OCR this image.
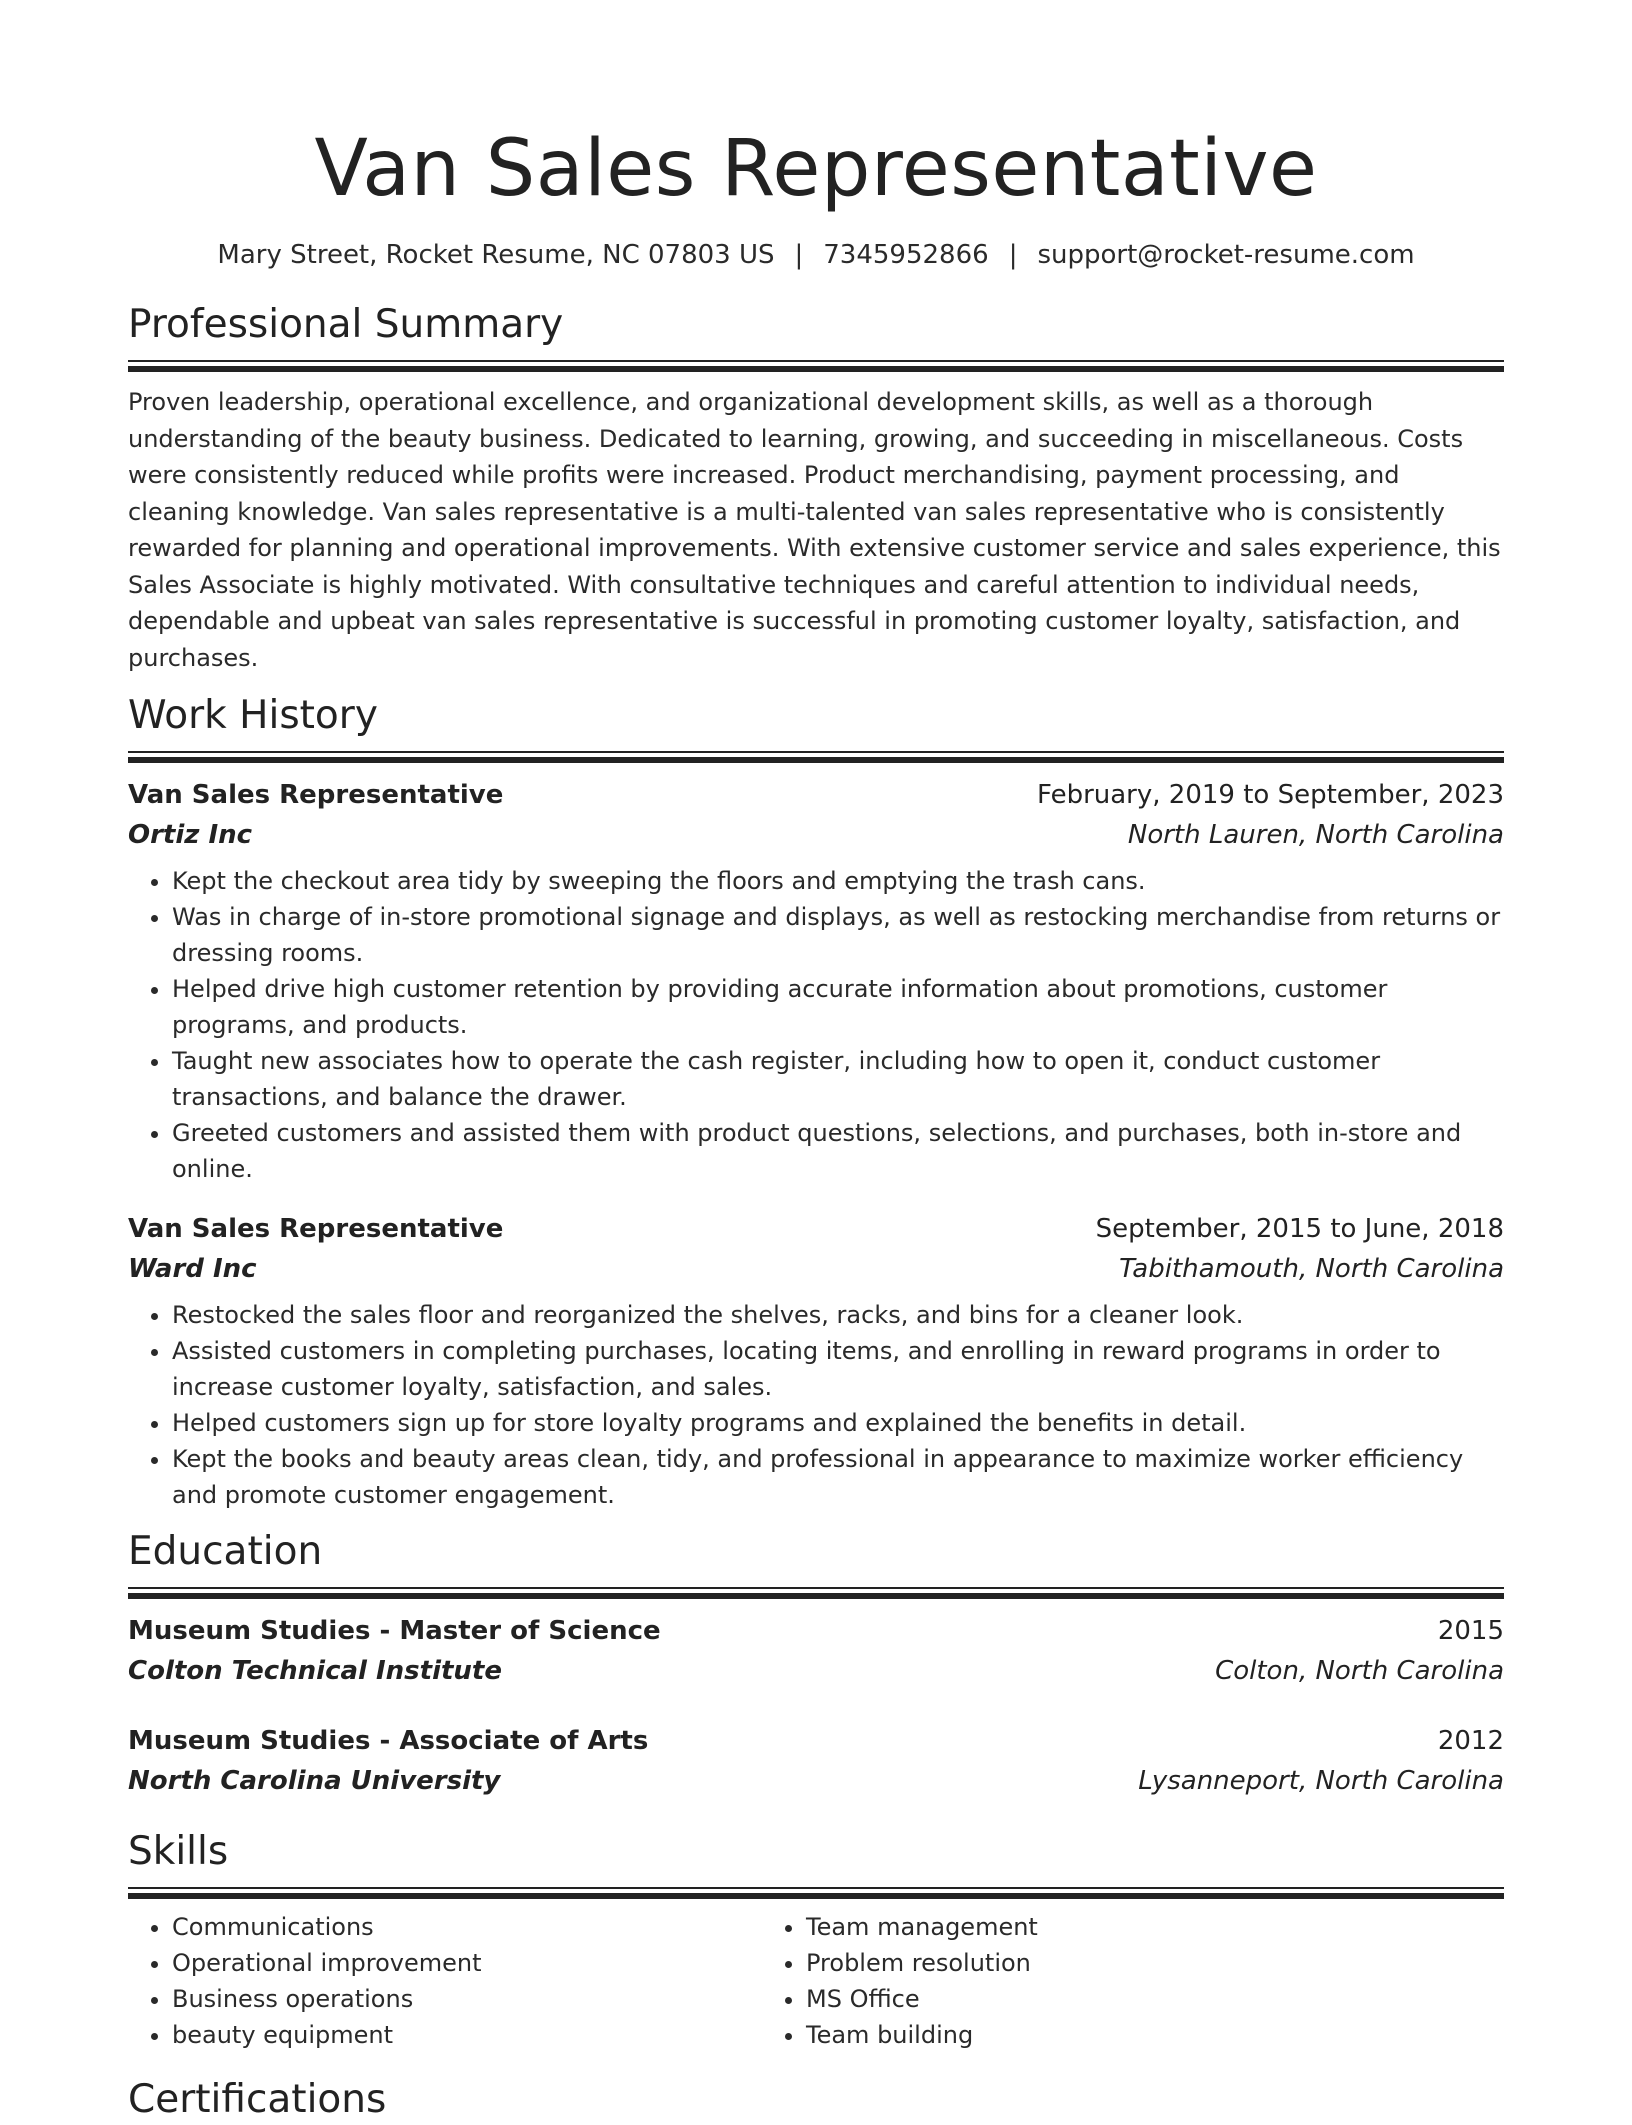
Van Sales Representative
Mary Street, Rocket Resume, NC 07803 US | 7345952866 | support@rocket-resume.com
Professional Summary
Proven leadership, operational excellence, and organizational development skills, as well as a thorough understanding of the beauty business. Dedicated to learning, growing, and succeeding in miscellaneous. Costs were consistently reduced while profits were increased. Product merchandising, payment processing, and cleaning knowledge. Van sales representative is a multi-talented van sales representative who is consistently rewarded for planning and operational improvements. With extensive customer service and sales experience, this Sales Associate is highly motivated. With consultative techniques and careful attention to individual needs, dependable and upbeat van sales representative is successful in promoting customer loyalty, satisfaction, and purchases.
Work History
Van Sales Representative	February, 2019 to September, 2023
Ortiz Inc	North Lauren, North Carolina
• Kept the checkout area tidy by sweeping the floors and emptying the trash cans.
• Was in charge of in-store promotional signage and displays, as well as restocking merchandise from returns or dressing rooms.
• Helped drive high customer retention by providing accurate information about promotions, customer programs, and products.
• Taught new associates how to operate the cash register, including how to open it, conduct customer transactions, and balance the drawer.
• Greeted customers and assisted them with product questions, selections, and purchases, both in-store and online.
Van Sales Representative	September, 2015 to June, 2018
Ward Inc	Tabithamouth, North Carolina
• Restocked the sales floor and reorganized the shelves, racks, and bins for a cleaner look.
• Assisted customers in completing purchases, locating items, and enrolling in reward programs in order to increase customer loyalty, satisfaction, and sales.
• Helped customers sign up for store loyalty programs and explained the benefits in detail.
• Kept the books and beauty areas clean, tidy, and professional in appearance to maximize worker efficiency and promote customer engagement.
Education
Museum Studies - Master of Science	2015
Colton Technical Institute	Colton, North Carolina
Museum Studies - Associate of Arts	2012
North Carolina University	Lysanneport, North Carolina
Skills
• Communications
• Operational improvement
• Business operations
• beauty equipment
• Team management
• Problem resolution
• MS Office
• Team building
Certifications
